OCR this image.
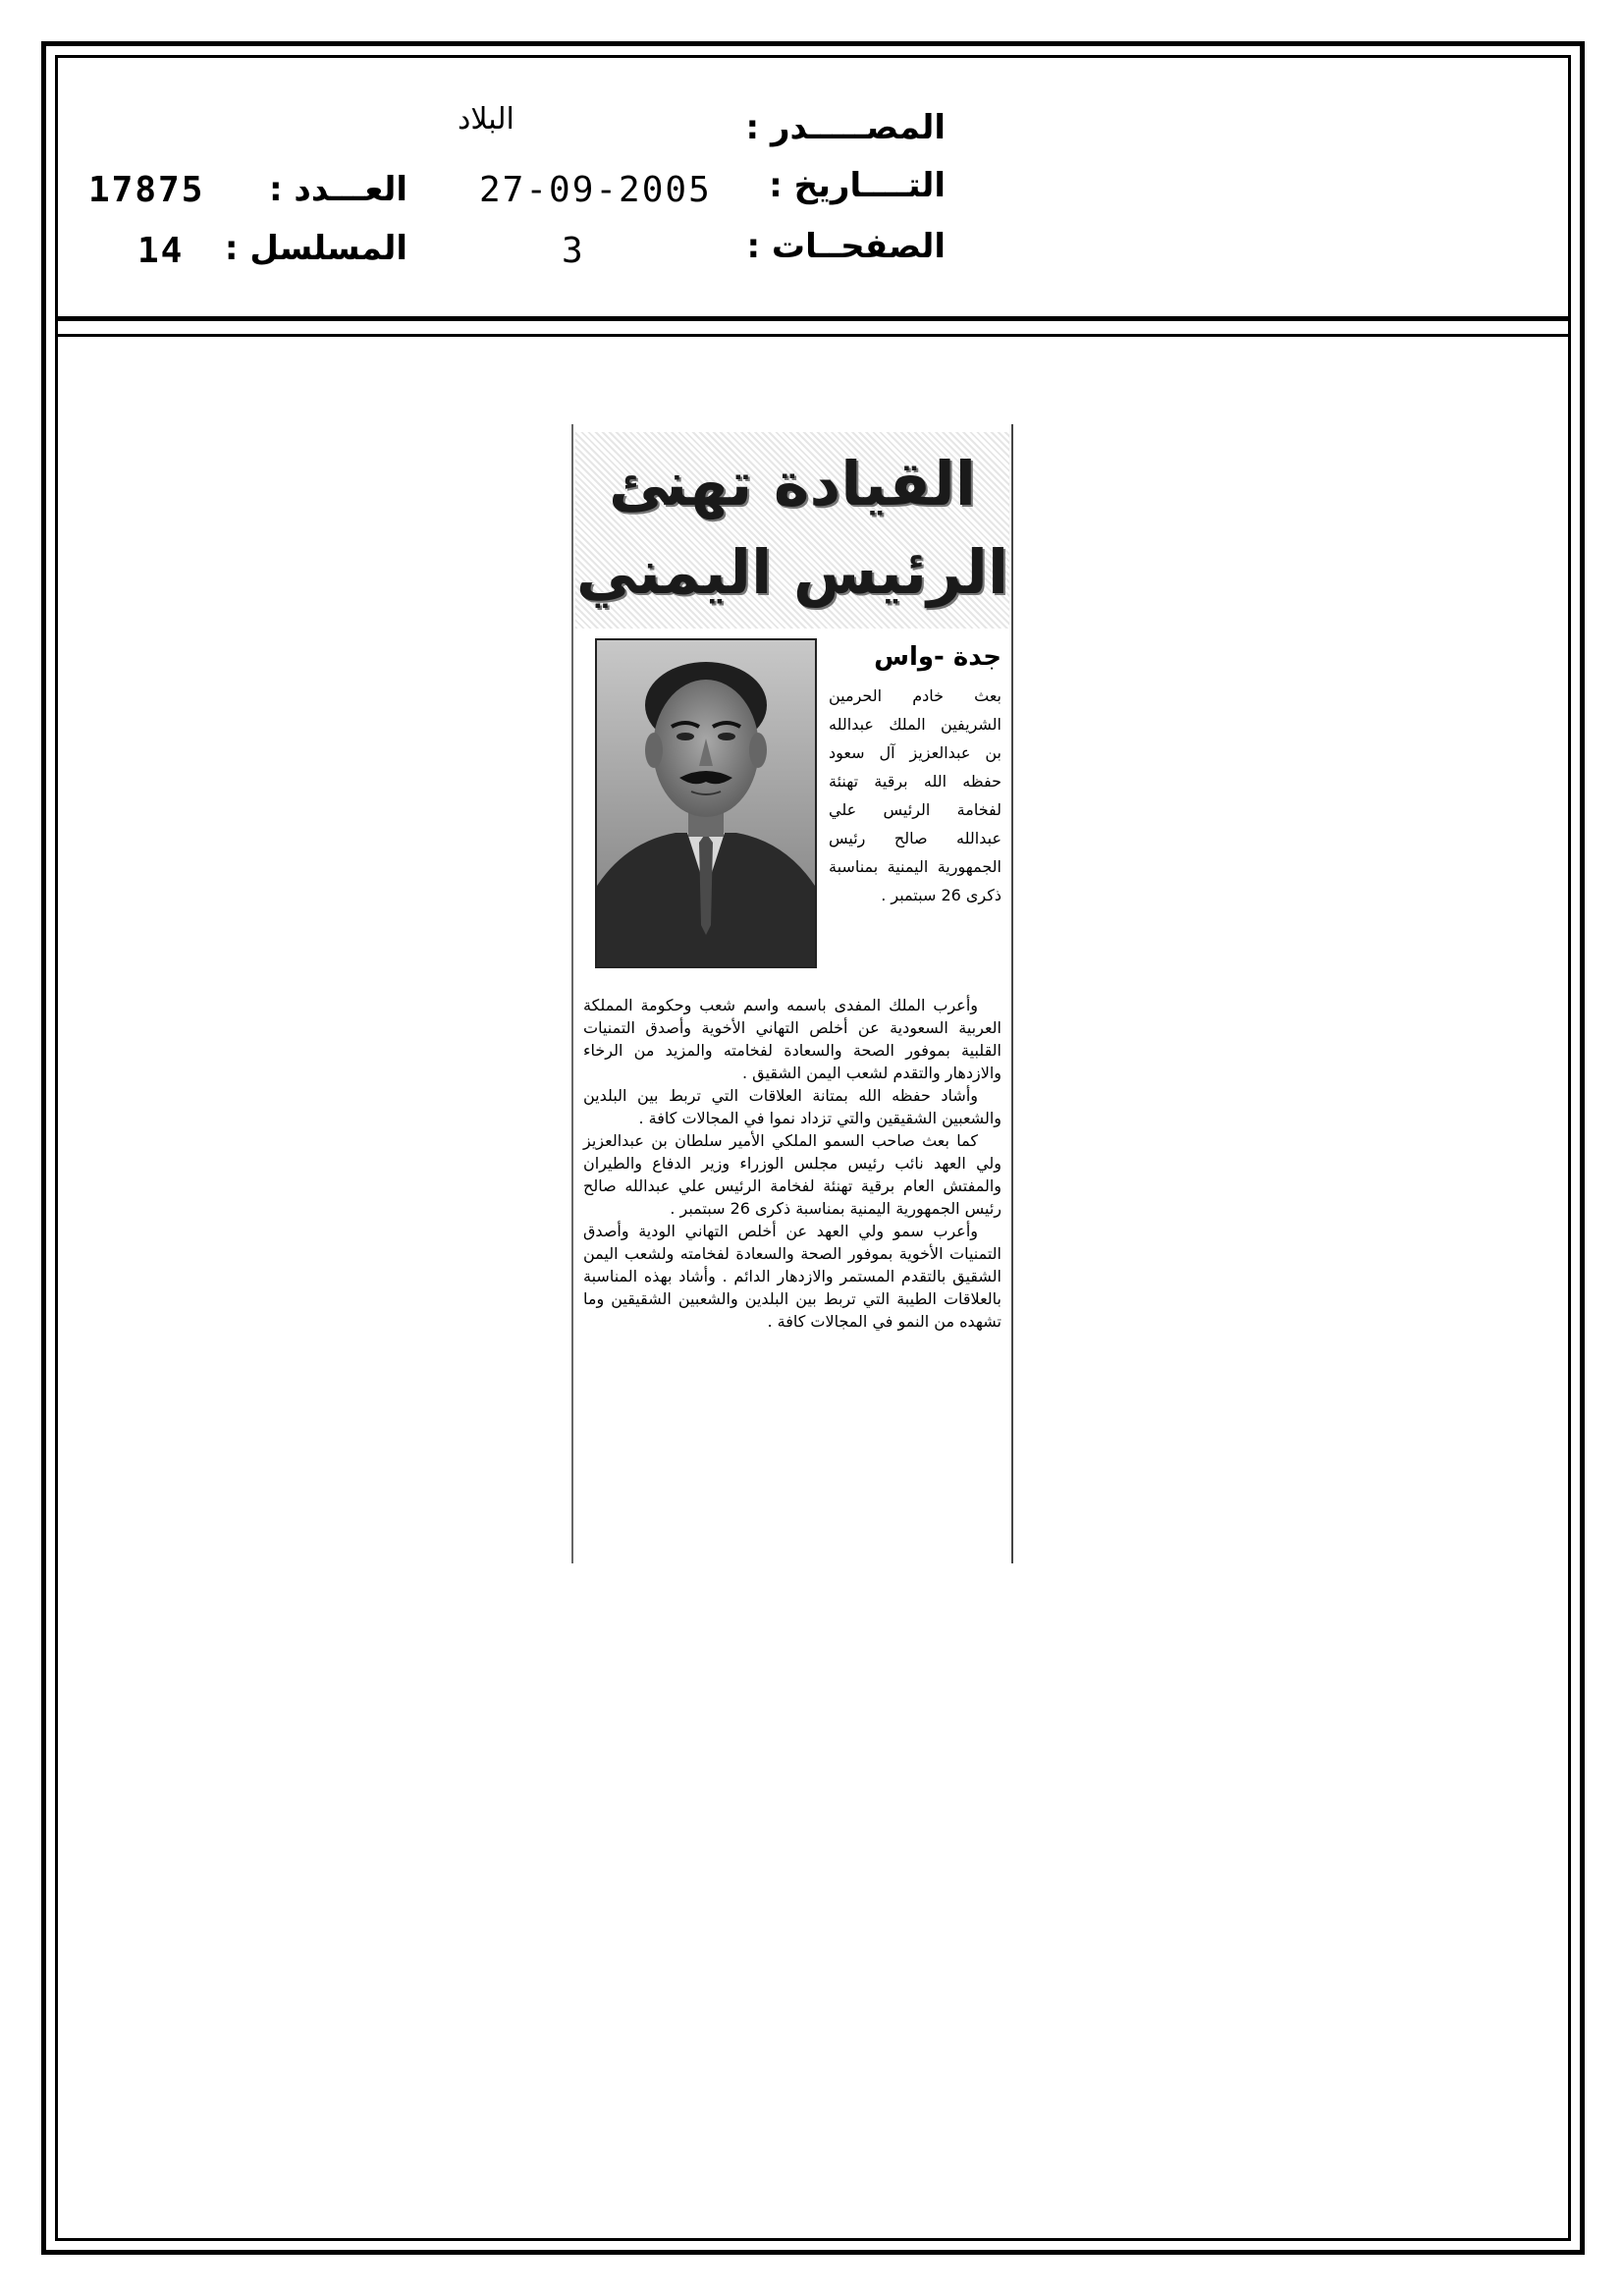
المصـــــدر :
البلاد
التــــاريخ :
27-09-2005
العـــدد :
17875
الصفحــات :
3
المسلسل :
14
القيادة تهنئ
الرئيس اليمني
جدة -واس
بعث خادم الحرمين الشريفين الملك عبدالله بن عبدالعزيز آل سعود حفظه الله برقية تهنئة لفخامة الرئيس علي عبدالله صالح رئيس الجمهورية اليمنية بمناسبة ذكرى 26 سبتمبر .

وأعرب الملك المفدى باسمه واسم شعب وحكومة المملكة العربية السعودية عن أخلص التهاني الأخوية وأصدق التمنيات القلبية بموفور الصحة والسعادة لفخامته والمزيد من الرخاء والازدهار والتقدم لشعب اليمن الشقيق .

وأشاد حفظه الله بمتانة العلاقات التي تربط بين البلدين والشعبين الشقيقين والتي تزداد نموا في المجالات كافة .

كما بعث صاحب السمو الملكي الأمير سلطان بن عبدالعزيز ولي العهد نائب رئيس مجلس الوزراء وزير الدفاع والطيران والمفتش العام برقية تهنئة لفخامة الرئيس علي عبدالله صالح رئيس الجمهورية اليمنية بمناسبة ذكرى 26 سبتمبر .

وأعرب سمو ولي العهد عن أخلص التهاني الودية وأصدق التمنيات الأخوية بموفور الصحة والسعادة لفخامته ولشعب اليمن الشقيق بالتقدم المستمر والازدهار الدائم . وأشاد بهذه المناسبة بالعلاقات الطيبة التي تربط بين البلدين والشعبين الشقيقين وما تشهده من النمو في المجالات كافة .
